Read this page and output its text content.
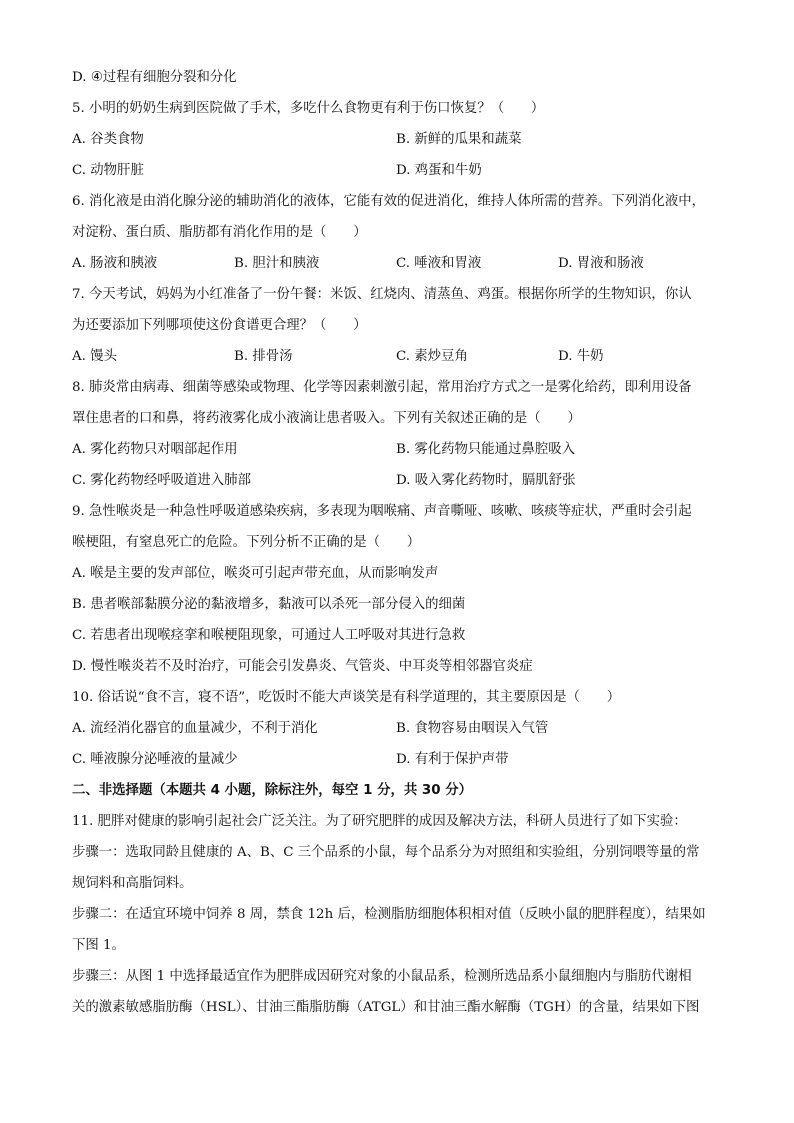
D. ④过程有细胞分裂和分化
5. 小明的奶奶生病到医院做了手术，多吃什么食物更有利于伤口恢复？（　　）
A. 谷类食物	B. 新鲜的瓜果和蔬菜
C. 动物肝脏	D. 鸡蛋和牛奶
6. 消化液是由消化腺分泌的辅助消化的液体，它能有效的促进消化，维持人体所需的营养。下列消化液中，
对淀粉、蛋白质、脂肪都有消化作用的是（　　）
A. 肠液和胰液	B. 胆汁和胰液	C. 唾液和胃液	D. 胃液和肠液
7. 今天考试，妈妈为小红准备了一份午餐：米饭、红烧肉、清蒸鱼、鸡蛋。根据你所学的生物知识，你认
为还要添加下列哪项使这份食谱更合理？（　　）
A. 馒头	B. 排骨汤	C. 素炒豆角	D. 牛奶
8. 肺炎常由病毒、细菌等感染或物理、化学等因素刺激引起，常用治疗方式之一是雾化给药，即利用设备
罩住患者的口和鼻，将药液雾化成小液滴让患者吸入。下列有关叙述正确的是（　　）
A. 雾化药物只对咽部起作用	B. 雾化药物只能通过鼻腔吸入
C. 雾化药物经呼吸道进入肺部	D. 吸入雾化药物时，膈肌舒张
9. 急性喉炎是一种急性呼吸道感染疾病，多表现为咽喉痛、声音嘶哑、咳嗽、咳痰等症状，严重时会引起
喉梗阻，有窒息死亡的危险。下列分析不正确的是（　　）
A. 喉是主要的发声部位，喉炎可引起声带充血，从而影响发声
B. 患者喉部黏膜分泌的黏液增多，黏液可以杀死一部分侵入的细菌
C. 若患者出现喉痉挛和喉梗阻现象，可通过人工呼吸对其进行急救
D. 慢性喉炎若不及时治疗，可能会引发鼻炎、气管炎、中耳炎等相邻器官炎症
10. 俗话说“食不言，寝不语”，吃饭时不能大声谈笑是有科学道理的，其主要原因是（　　）
A. 流经消化器官的血量减少，不利于消化	B. 食物容易由咽误入气管
C. 唾液腺分泌唾液的量减少	D. 有利于保护声带
二、非选择题（本题共 4 小题，除标注外，每空 1 分，共 30 分）
11. 肥胖对健康的影响引起社会广泛关注。为了研究肥胖的成因及解决方法，科研人员进行了如下实验：
步骤一：选取同龄且健康的 A、B、C 三个品系的小鼠，每个品系分为对照组和实验组，分别饲喂等量的常
规饲料和高脂饲料。
步骤二：在适宜环境中饲养 8 周，禁食 12h 后，检测脂肪细胞体积相对值（反映小鼠的肥胖程度），结果如
下图 1。
步骤三：从图 1 中选择最适宜作为肥胖成因研究对象的小鼠品系，检测所选品系小鼠细胞内与脂肪代谢相
关的激素敏感脂肪酶（HSL）、甘油三酯脂肪酶（ATGL）和甘油三酯水解酶（TGH）的含量，结果如下图
